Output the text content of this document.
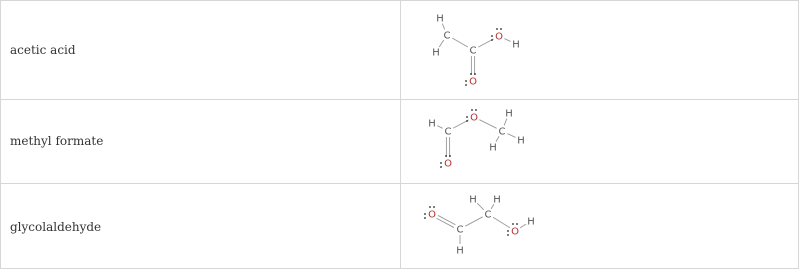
acetic acid
H
H
C
C
O
H
O
methyl formate
H
C
O
C
H
H
H
O
glycolaldehyde
O
C
H
C
H H
O
H
